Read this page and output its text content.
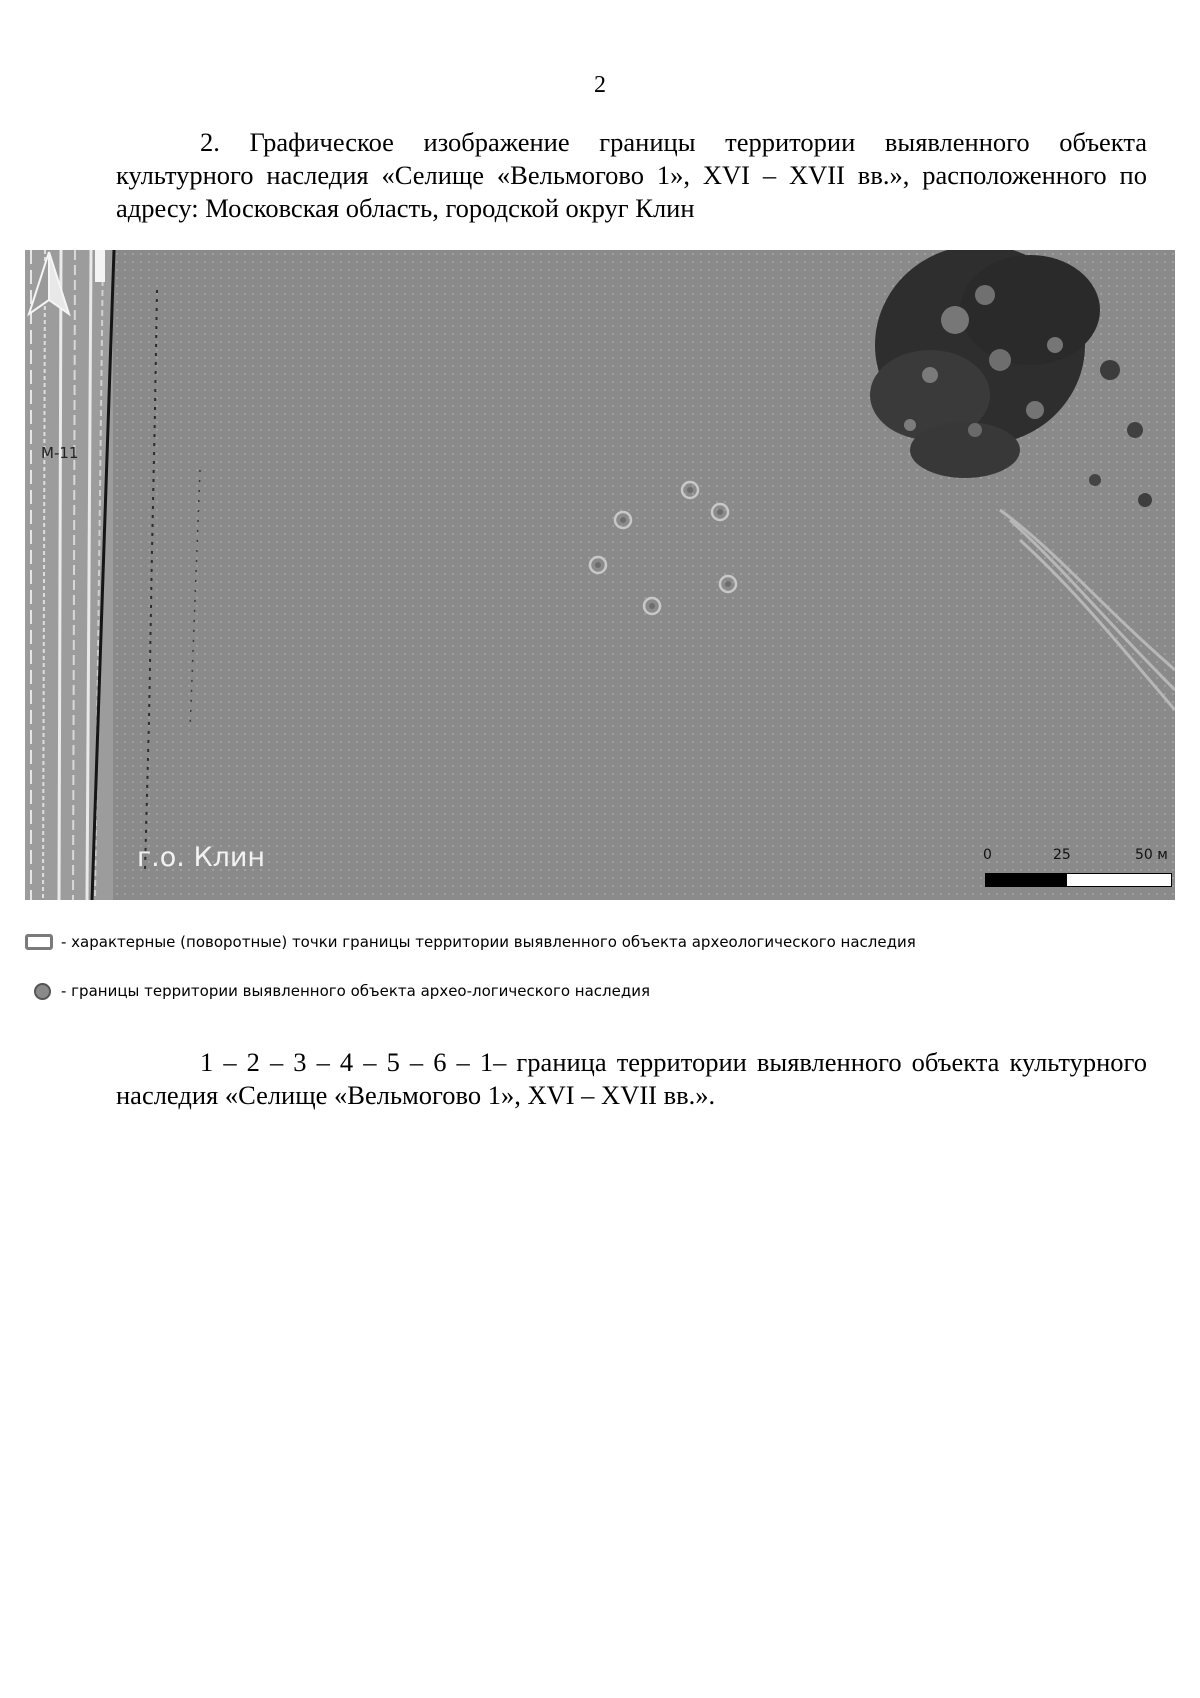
2
2. Графическое изображение границы территории выявленного объекта культурного наследия «Селище «Вельмогово 1», XVI – XVII вв.», расположенного по адресу: Московская область, городской округ Клин
М-11
г.о. Клин	0	25	50 м
- характерные (поворотные) точки границы территории выявленного объекта археологического наследия
- границы территории выявленного объекта архео-логического наследия
1 – 2 – 3 – 4 – 5 – 6 – 1– граница территории выявленного объекта культурного наследия «Селище «Вельмогово 1», XVI – XVII вв.».
